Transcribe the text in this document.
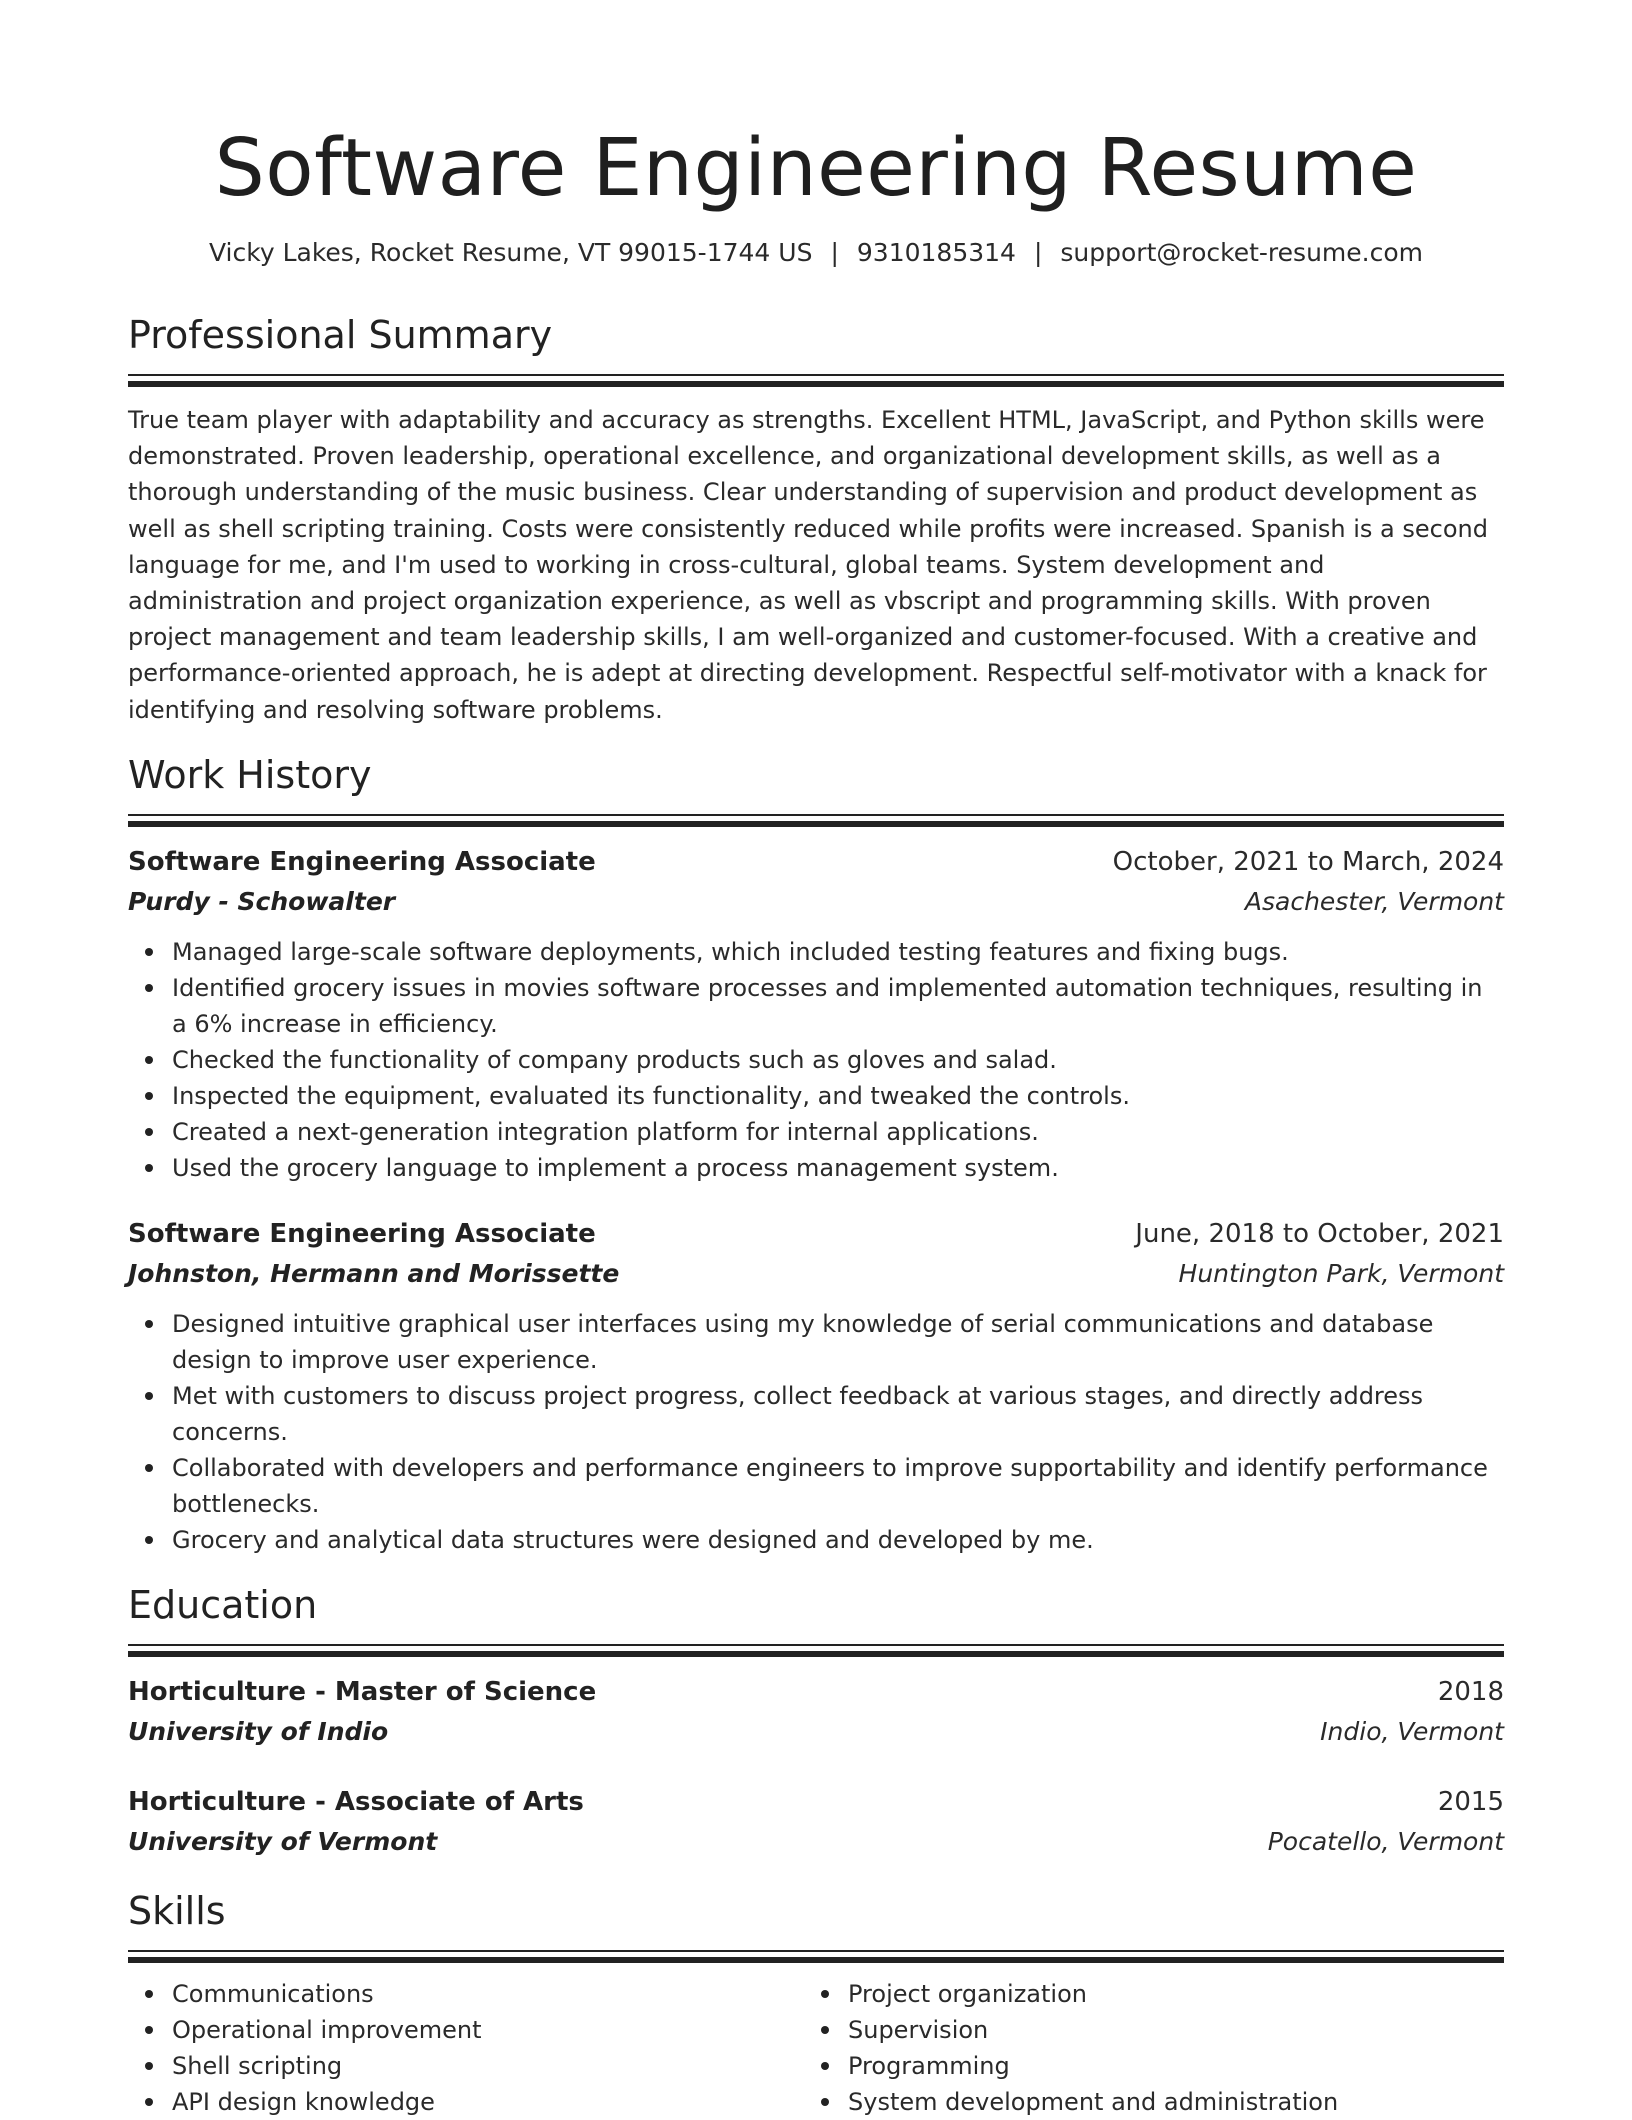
Software Engineering Resume
Vicky Lakes, Rocket Resume, VT 99015-1744 US | 9310185314 | support@rocket-resume.com
Professional Summary

True team player with adaptability and accuracy as strengths. Excellent HTML, JavaScript, and Python skills were demonstrated. Proven leadership, operational excellence, and organizational development skills, as well as a thorough understanding of the music business. Clear understanding of supervision and product development as well as shell scripting training. Costs were consistently reduced while profits were increased. Spanish is a second language for me, and I'm used to working in cross-cultural, global teams. System development and administration and project organization experience, as well as vbscript and programming skills. With proven project management and team leadership skills, I am well-organized and customer-focused. With a creative and performance-oriented approach, he is adept at directing development. Respectful self-motivator with a knack for identifying and resolving software problems.

Work History
Software Engineering Associate	October, 2021 to March, 2024
Purdy - Schowalter	Asachester, Vermont
Managed large-scale software deployments, which included testing features and fixing bugs.
Identified grocery issues in movies software processes and implemented automation techniques, resulting in a 6% increase in efficiency.
Checked the functionality of company products such as gloves and salad.
Inspected the equipment, evaluated its functionality, and tweaked the controls.
Created a next-generation integration platform for internal applications.
Used the grocery language to implement a process management system.
Software Engineering Associate	June, 2018 to October, 2021
Johnston, Hermann and Morissette	Huntington Park, Vermont
Designed intuitive graphical user interfaces using my knowledge of serial communications and database design to improve user experience.
Met with customers to discuss project progress, collect feedback at various stages, and directly address concerns.
Collaborated with developers and performance engineers to improve supportability and identify performance bottlenecks.
Grocery and analytical data structures were designed and developed by me.
Education
Horticulture - Master of Science	2018
University of Indio	Indio, Vermont
Horticulture - Associate of Arts	2015
University of Vermont	Pocatello, Vermont
Skills
Communications
Operational improvement
Shell scripting
API design knowledge
Project organization
Supervision
Programming
System development and administration
